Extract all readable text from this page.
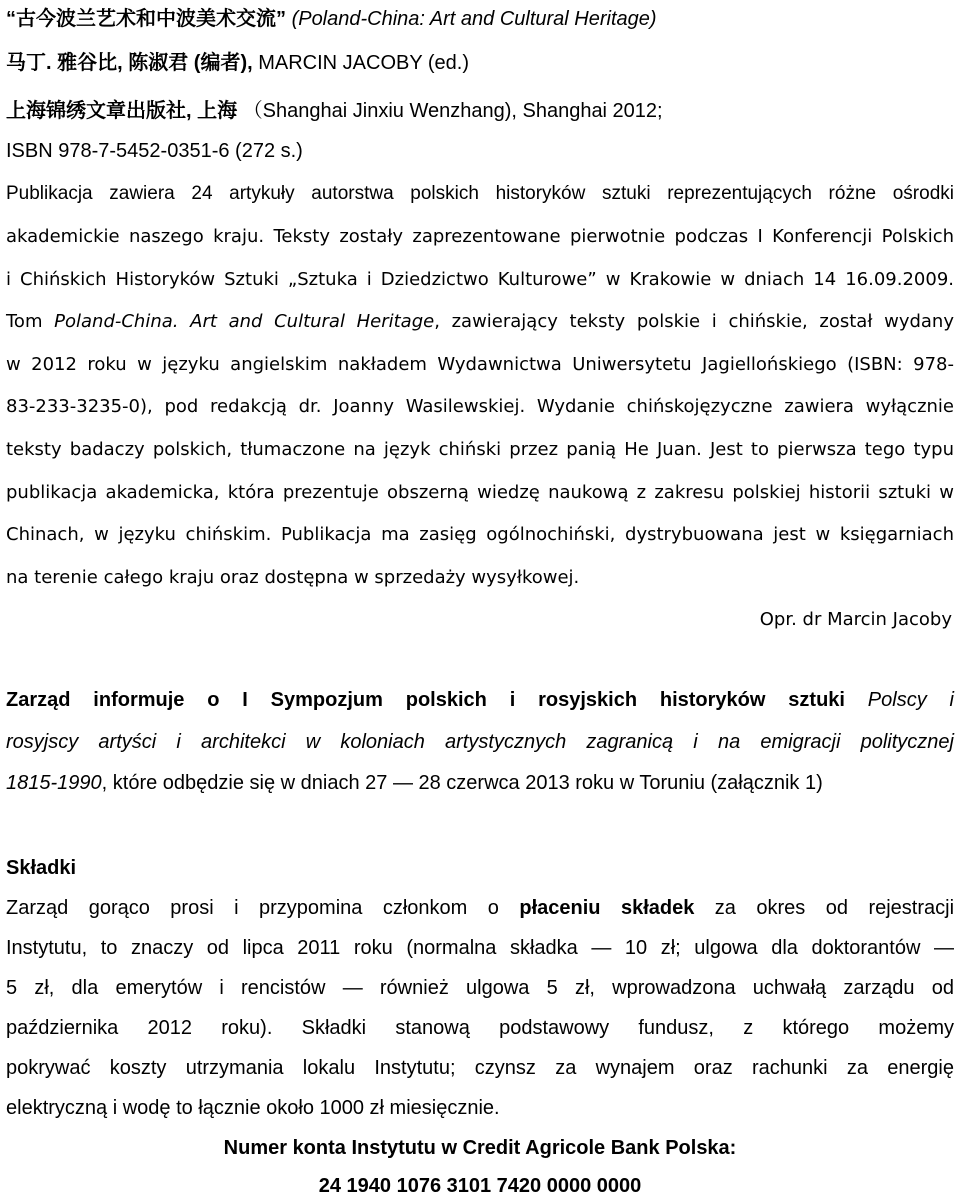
“古今波兰艺术和中波美术交流” (Poland-China: Art and Cultural Heritage)
马丁. 雅谷比, 陈淑君 (编者), MARCIN JACOBY (ed.)
上海锦绣文章出版社, 上海 （Shanghai Jinxiu Wenzhang), Shanghai 2012;
ISBN 978-7-5452-0351-6 (272 s.)
Publikacja zawiera 24 artykuły autorstwa polskich historyków sztuki reprezentujących różne ośrodki
akademickie naszego kraju. Teksty zostały zaprezentowane pierwotnie podczas I Konferencji Polskich
i Chińskich Historyków Sztuki „Sztuka i Dziedzictwo Kulturowe” w Krakowie w dniach 14 16.09.2009.
Tom Poland-China. Art and Cultural Heritage, zawierający teksty polskie i chińskie, został wydany
w 2012 roku w języku angielskim nakładem Wydawnictwa Uniwersytetu Jagiellońskiego (ISBN: 978-
83-233-3235-0), pod redakcją dr. Joanny Wasilewskiej. Wydanie chińskojęzyczne zawiera wyłącznie
teksty badaczy polskich, tłumaczone na język chiński przez panią He Juan. Jest to pierwsza tego typu
publikacja akademicka, która prezentuje obszerną wiedzę naukową z zakresu polskiej historii sztuki w
Chinach, w języku chińskim. Publikacja ma zasięg ogólnochiński, dystrybuowana jest w księgarniach
na terenie całego kraju oraz dostępna w sprzedaży wysyłkowej.
Opr. dr Marcin Jacoby
Zarząd informuje o I Sympozjum polskich i rosyjskich historyków sztuki Polscy i
rosyjscy artyści i architekci w koloniach artystycznych zagranicą i na emigracji politycznej
1815-1990, które odbędzie się w dniach 27 — 28 czerwca 2013 roku w Toruniu (załącznik 1)
Składki
Zarząd gorąco prosi i przypomina członkom o płaceniu składek za okres od rejestracji
Instytutu, to znaczy od lipca 2011 roku (normalna składka — 10 zł; ulgowa dla doktorantów —
5 zł, dla emerytów i rencistów — również ulgowa 5 zł, wprowadzona uchwałą zarządu od
października 2012 roku). Składki stanową podstawowy fundusz, z którego możemy
pokrywać koszty utrzymania lokalu Instytutu; czynsz za wynajem oraz rachunki za energię
elektryczną i wodę to łącznie około 1000 zł miesięcznie.
Numer konta Instytutu w Credit Agricole Bank Polska:
24 1940 1076 3101 7420 0000 0000
